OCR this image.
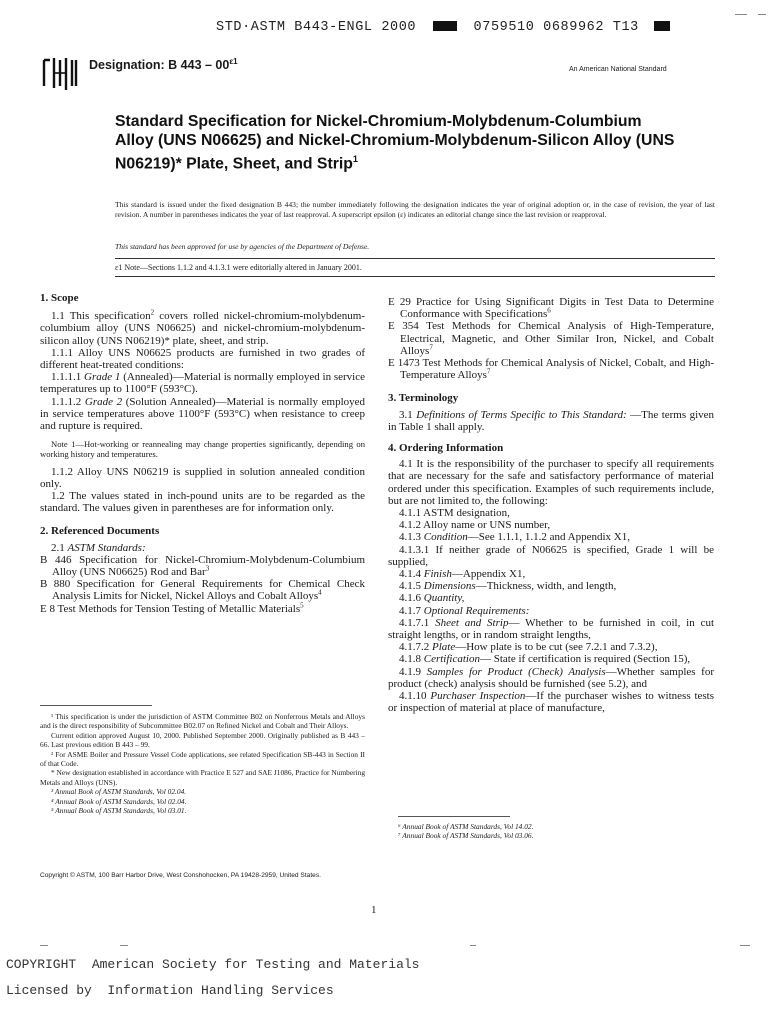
STD·ASTM B443-ENGL 2000	0759510 0689962 T13
Designation: B $443 - 00^{\varepsilon 1}$
An American National Standard
Standard Specification for Nickel-Chromium-Molybdenum-Columbium Alloy (UNS N06625) and Nickel-Chromium-Molybdenum-Silicon Alloy (UNS N06219)* Plate, Sheet, and Strip$^1$
This standard is issued under the fixed designation B 443; the number immediately following the designation indicates the year of original adoption or, in the case of revision, the year of last revision. A number in parentheses indicates the year of last reapproval. A superscript epsilon (ε) indicates an editorial change since the last revision or reapproval.
This standard has been approved for use by agencies of the Department of Defense.
ε1 Note—Sections 1.1.2 and 4.1.3.1 were editorially altered in January 2001.
1. Scope

1.1 This specification$^2$ covers rolled nickel-chromium-molybdenum-columbium alloy (UNS N06625) and nickel-chromium-molybdenum-silicon alloy (UNS N06219)* plate, sheet, and strip.

1.1.1 Alloy UNS N06625 products are furnished in two grades of different heat-treated conditions:

1.1.1.1 Grade 1 (Annealed)—Material is normally employed in service temperatures up to 1100°F (593°C).

1.1.1.2 Grade 2 (Solution Annealed)—Material is normally employed in service temperatures above 1100°F (593°C) when resistance to creep and rupture is required.

Note 1—Hot-working or reannealing may change properties significantly, depending on working history and temperatures.

1.1.2 Alloy UNS N06219 is supplied in solution annealed condition only.

1.2 The values stated in inch-pound units are to be regarded as the standard. The values given in parentheses are for information only.

2. Referenced Documents

2.1 ASTM Standards:

B 446 Specification for Nickel-Chromium-Molybdenum-Columbium Alloy (UNS N06625) Rod and Bar$^3$

B 880 Specification for General Requirements for Chemical Check Analysis Limits for Nickel, Nickel Alloys and Cobalt Alloys$^4$

E 8 Test Methods for Tension Testing of Metallic Materials$^5$

E 29 Practice for Using Significant Digits in Test Data to Determine Conformance with Specifications$^6$

E 354 Test Methods for Chemical Analysis of High-Temperature, Electrical, Magnetic, and Other Similar Iron, Nickel, and Cobalt Alloys$^7$

E 1473 Test Methods for Chemical Analysis of Nickel, Cobalt, and High-Temperature Alloys$^7$

3. Terminology

3.1 Definitions of Terms Specific to This Standard: —The terms given in Table 1 shall apply.

4. Ordering Information

4.1 It is the responsibility of the purchaser to specify all requirements that are necessary for the safe and satisfactory performance of material ordered under this specification. Examples of such requirements include, but are not limited to, the following:

4.1.1 ASTM designation,

4.1.2 Alloy name or UNS number,

4.1.3 Condition—See 1.1.1, 1.1.2 and Appendix X1,

4.1.3.1 If neither grade of N06625 is specified, Grade 1 will be supplied,

4.1.4 Finish—Appendix X1,

4.1.5 Dimensions—Thickness, width, and length,

4.1.6 Quantity,

4.1.7 Optional Requirements:

4.1.7.1 Sheet and Strip— Whether to be furnished in coil, in cut straight lengths, or in random straight lengths,

4.1.7.2 Plate—How plate is to be cut (see 7.2.1 and 7.3.2),

4.1.8 Certification— State if certification is required (Section 15),

4.1.9 Samples for Product (Check) Analysis—Whether samples for product (check) analysis should be furnished (see 5.2), and

4.1.10 Purchaser Inspection—If the purchaser wishes to witness tests or inspection of material at place of manufacture,

¹ This specification is under the jurisdiction of ASTM Committee B02 on Nonferrous Metals and Alloys and is the direct responsibility of Subcommittee B02.07 on Refined Nickel and Cobalt and Their Alloys.

Current edition approved August 10, 2000. Published September 2000. Originally published as B 443 – 66. Last previous edition B 443 – 99.

² For ASME Boiler and Pressure Vessel Code applications, see related Specification SB-443 in Section II of that Code.

* New designation established in accordance with Practice E 527 and SAE J1086, Practice for Numbering Metals and Alloys (UNS).

³ Annual Book of ASTM Standards, Vol 02.04.

⁴ Annual Book of ASTM Standards, Vol 02.04.

⁵ Annual Book of ASTM Standards, Vol 03.01.

⁶ Annual Book of ASTM Standards, Vol 14.02.

⁷ Annual Book of ASTM Standards, Vol 03.06.

Copyright © ASTM, 100 Barr Harbor Drive, West Conshohocken, PA 19428-2959, United States.
1
COPYRIGHT  American Society for Testing and Materials
Licensed by  Information Handling Services
